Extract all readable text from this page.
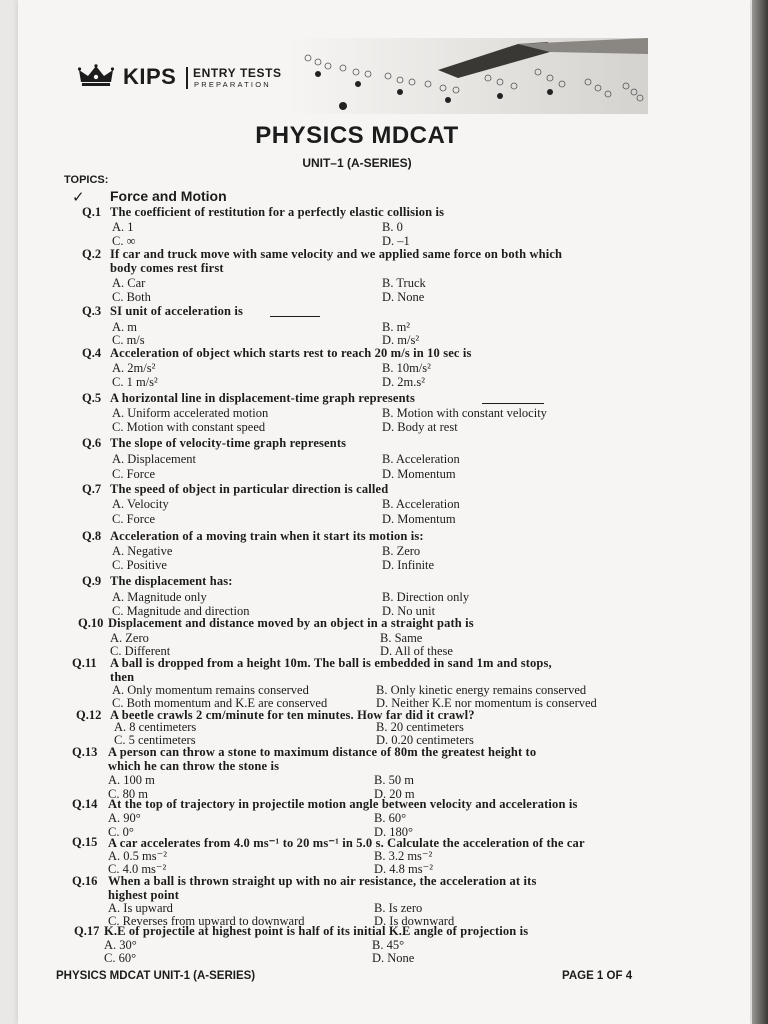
KIPS ENTRY TESTS
PREPARATION
PHYSICS MDCAT
UNIT–1 (A-SERIES)
TOPICS:
✓ Force and Motion
Q.1 The coefficient of restitution for a perfectly elastic collision is
A. 1	B. 0
C. ∞	D. –1
Q.2 If car and truck move with same velocity and we applied same force on both which
body comes rest first
A. Car	B. Truck
C. Both	D. None
Q.3 SI unit of acceleration is
A. m	B. m²
C. m/s	D. m/s²
Q.4 Acceleration of object which starts rest to reach 20 m/s in 10 sec is
A. 2m/s²	B. 10m/s²
C. 1 m/s²	D. 2m.s²
Q.5 A horizontal line in displacement-time graph represents
A. Uniform accelerated motion	B. Motion with constant velocity
C. Motion with constant speed	D. Body at rest
Q.6 The slope of velocity-time graph represents
A. Displacement	B. Acceleration
C. Force	D. Momentum
Q.7 The speed of object in particular direction is called
A. Velocity	B. Acceleration
C. Force	D. Momentum
Q.8 Acceleration of a moving train when it start its motion is:
A. Negative	B. Zero
C. Positive	D. Infinite
Q.9 The displacement has:
A. Magnitude only	B. Direction only
C. Magnitude and direction	D. No unit
Q.10 Displacement and distance moved by an object in a straight path is
A. Zero	B. Same
C. Different	D. All of these
Q.11 A ball is dropped from a height 10m. The ball is embedded in sand 1m and stops,
then
A. Only momentum remains conserved	B. Only kinetic energy remains conserved
C. Both momentum and K.E are conserved	D. Neither K.E nor momentum is conserved
Q.12 A beetle crawls 2 cm/minute for ten minutes. How far did it crawl?
A. 8 centimeters	B. 20 centimeters
C. 5 centimeters	D. 0.20 centimeters
Q.13 A person can throw a stone to maximum distance of 80m the greatest height to
which he can throw the stone is
A. 100 m	B. 50 m
C. 80 m	D. 20 m
Q.14 At the top of trajectory in projectile motion angle between velocity and acceleration is
A. 90°	B. 60°
C. 0°	D. 180°
Q.15 A car accelerates from 4.0 ms⁻¹ to 20 ms⁻¹ in 5.0 s. Calculate the acceleration of the car
A. 0.5 ms⁻²	B. 3.2 ms⁻²
C. 4.0 ms⁻²	D. 4.8 ms⁻²
Q.16 When a ball is thrown straight up with no air resistance, the acceleration at its
highest point
A. Is upward	B. Is zero
C. Reverses from upward to downward	D. Is downward
Q.17 K.E of projectile at highest point is half of its initial K.E angle of projection is
A. 30°	B. 45°
C. 60°	D. None
PHYSICS MDCAT UNIT-1 (A-SERIES)	PAGE 1 OF 4
